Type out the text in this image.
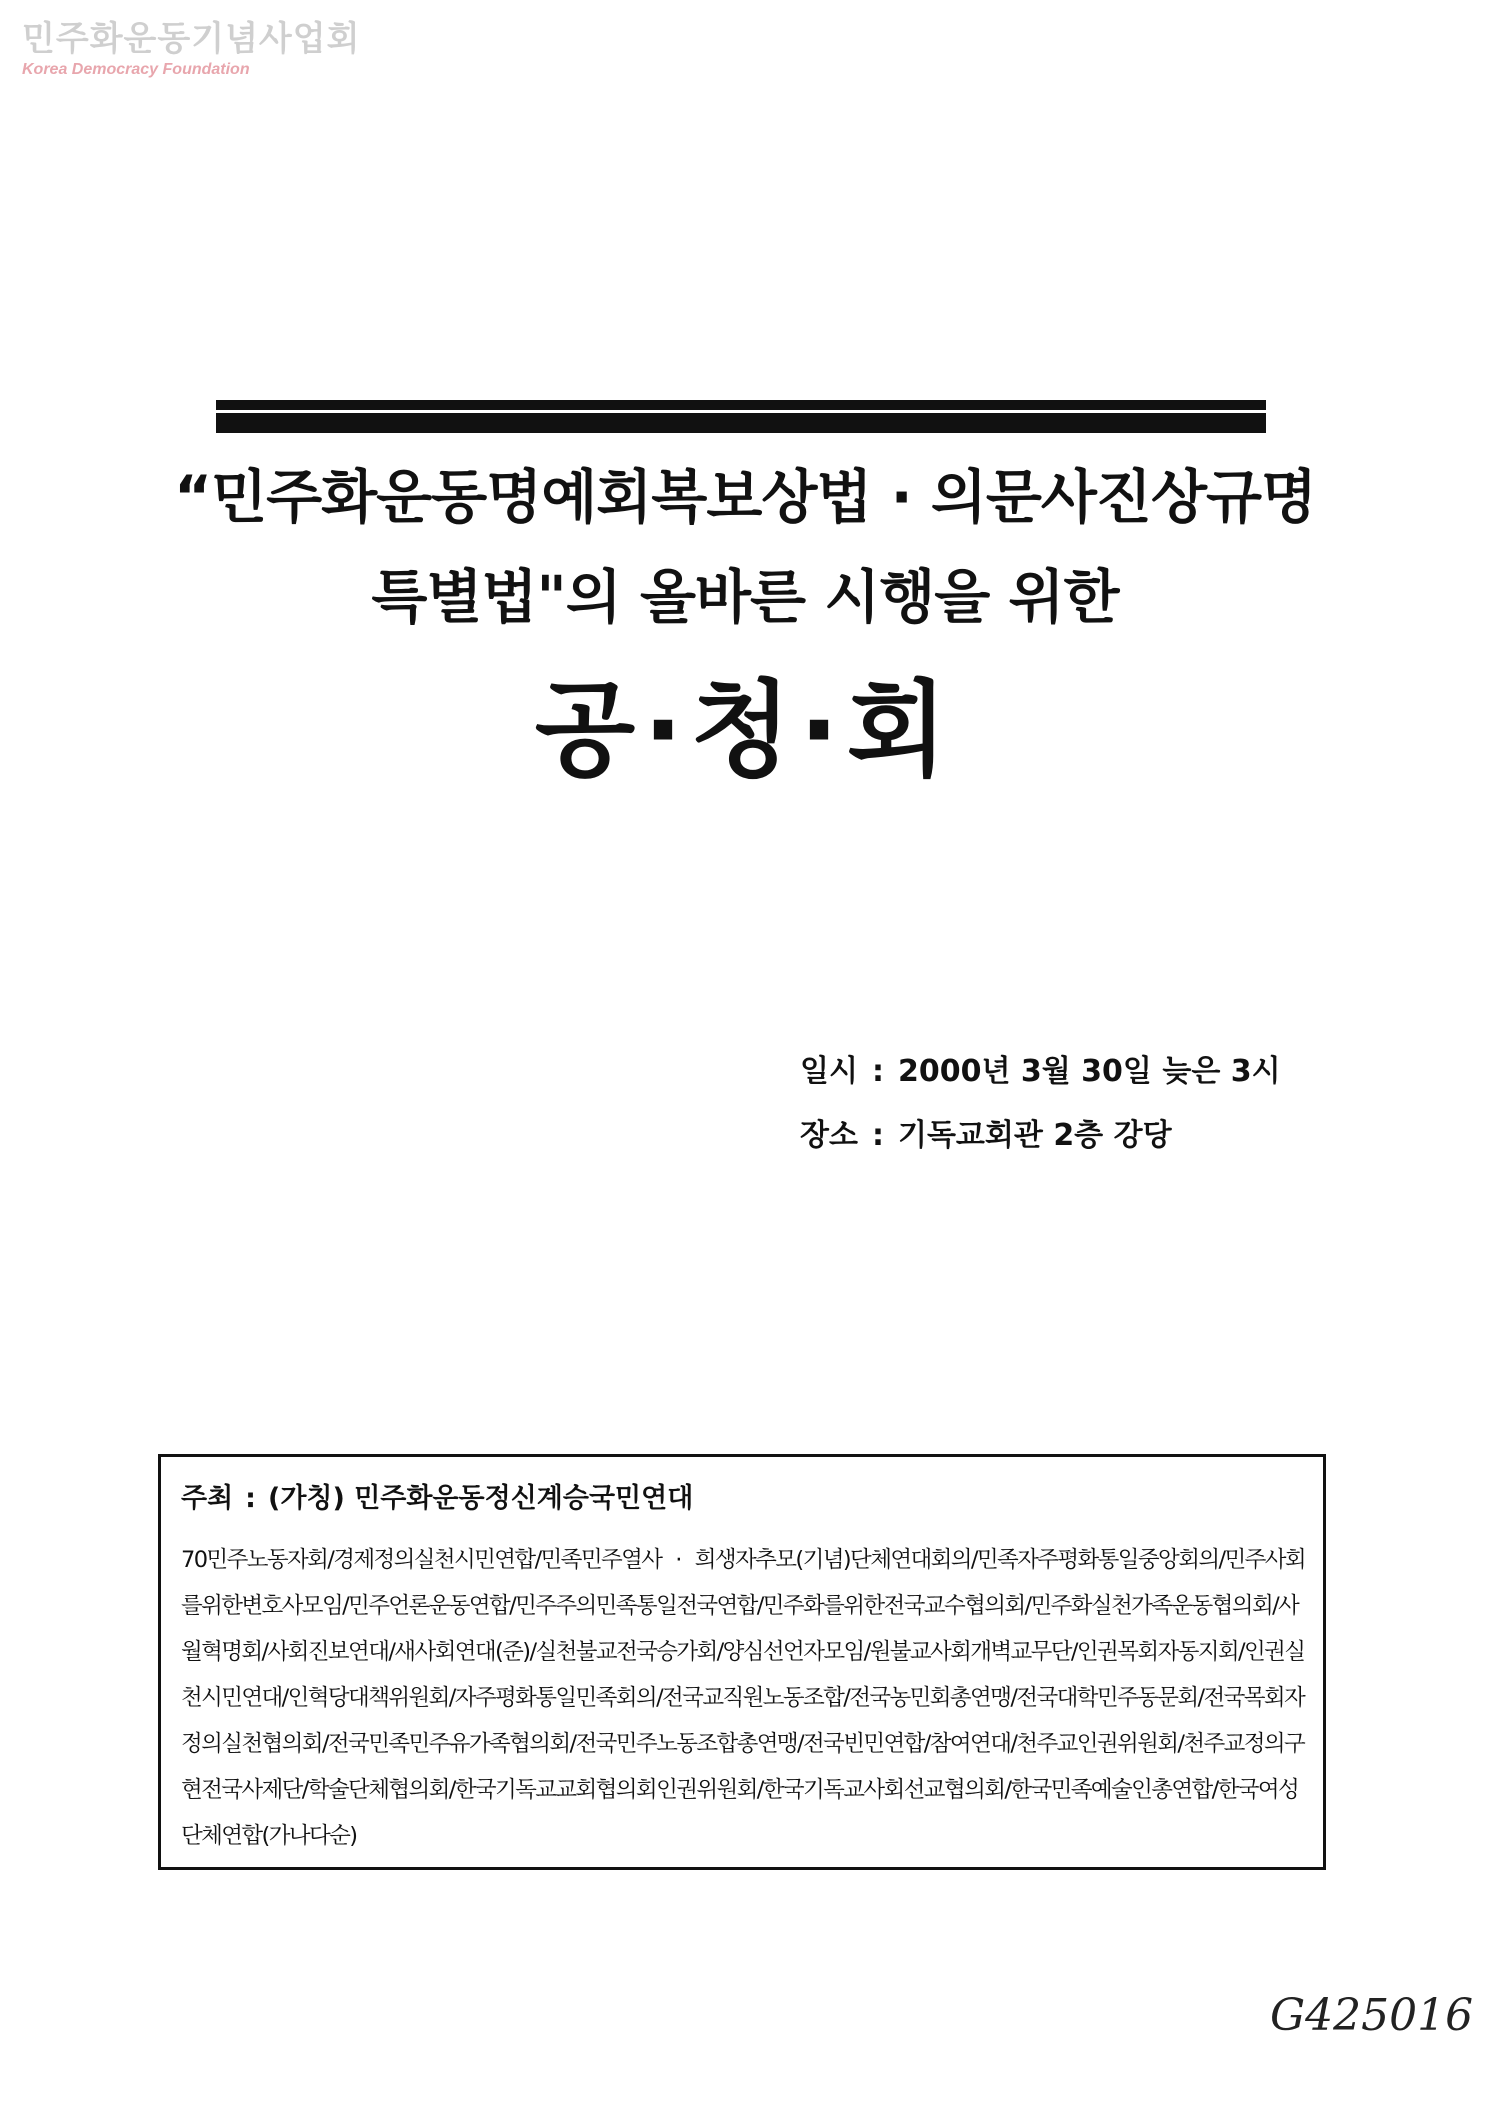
민주화운동기념사업회
Korea Democracy Foundation
“민주화운동명예회복보상법 · 의문사진상규명
특별법"의 올바른 시행을 위한
공·청·회
일시 : 2000년 3월 30일 늦은 3시
장소 : 기독교회관 2층 강당
주최 : (가칭) 민주화운동정신계승국민연대
70민주노동자회/경제정의실천시민연합/민족민주열사 · 희생자추모(기념)단체연대회의/민족자주평화통일중앙회의/민주사회를위한변호사모임/민주언론운동연합/민주주의민족통일전국연합/민주화를위한전국교수협의회/민주화실천가족운동협의회/사월혁명회/사회진보연대/새사회연대(준)/실천불교전국승가회/양심선언자모임/원불교사회개벽교무단/인권목회자동지회/인권실천시민연대/인혁당대책위원회/자주평화통일민족회의/전국교직원노동조합/전국농민회총연맹/전국대학민주동문회/전국목회자정의실천협의회/전국민족민주유가족협의회/전국민주노동조합총연맹/전국빈민연합/참여연대/천주교인권위원회/천주교정의구현전국사제단/학술단체협의회/한국기독교교회협의회인권위원회/한국기독교사회선교협의회/한국민족예술인총연합/한국여성단체연합(가나다순)
G425016
